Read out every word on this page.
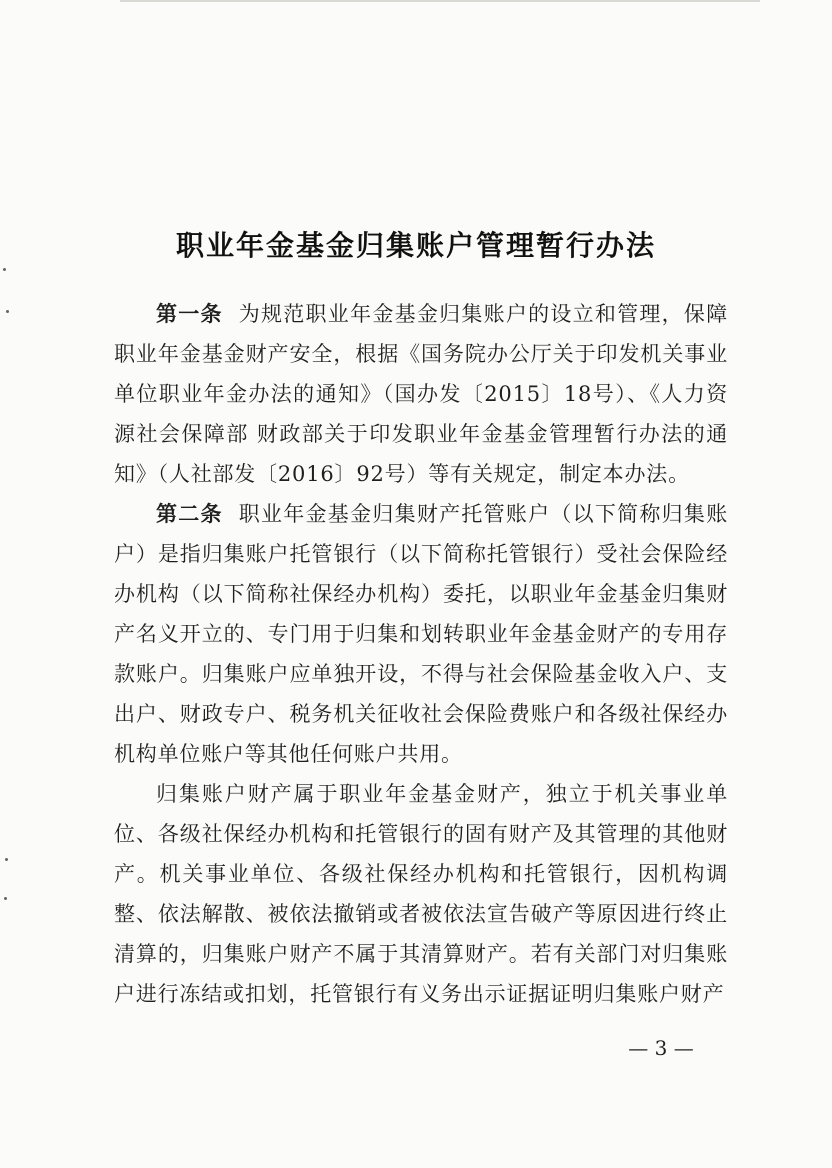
职业年金基金归集账户管理暂行办法

第一条 为规范职业年金基金归集账户的设立和管理，保障职业年金基金财产安全，根据《国务院办公厅关于印发机关事业单位职业年金办法的通知》（国办发〔2015〕18号）、《人力资源社会保障部 财政部关于印发职业年金基金管理暂行办法的通知》（人社部发〔2016〕92号）等有关规定，制定本办法。

第二条 职业年金基金归集财产托管账户（以下简称归集账户）是指归集账户托管银行（以下简称托管银行）受社会保险经办机构（以下简称社保经办机构）委托，以职业年金基金归集财产名义开立的、专门用于归集和划转职业年金基金财产的专用存款账户。归集账户应单独开设，不得与社会保险基金收入户、支出户、财政专户、税务机关征收社会保险费账户和各级社保经办机构单位账户等其他任何账户共用。

归集账户财产属于职业年金基金财产，独立于机关事业单位、各级社保经办机构和托管银行的固有财产及其管理的其他财产。机关事业单位、各级社保经办机构和托管银行，因机构调整、依法解散、被依法撤销或者被依法宣告破产等原因进行终止清算的，归集账户财产不属于其清算财产。若有关部门对归集账户进行冻结或扣划，托管银行有义务出示证据证明归集账户财产

— 3 —
